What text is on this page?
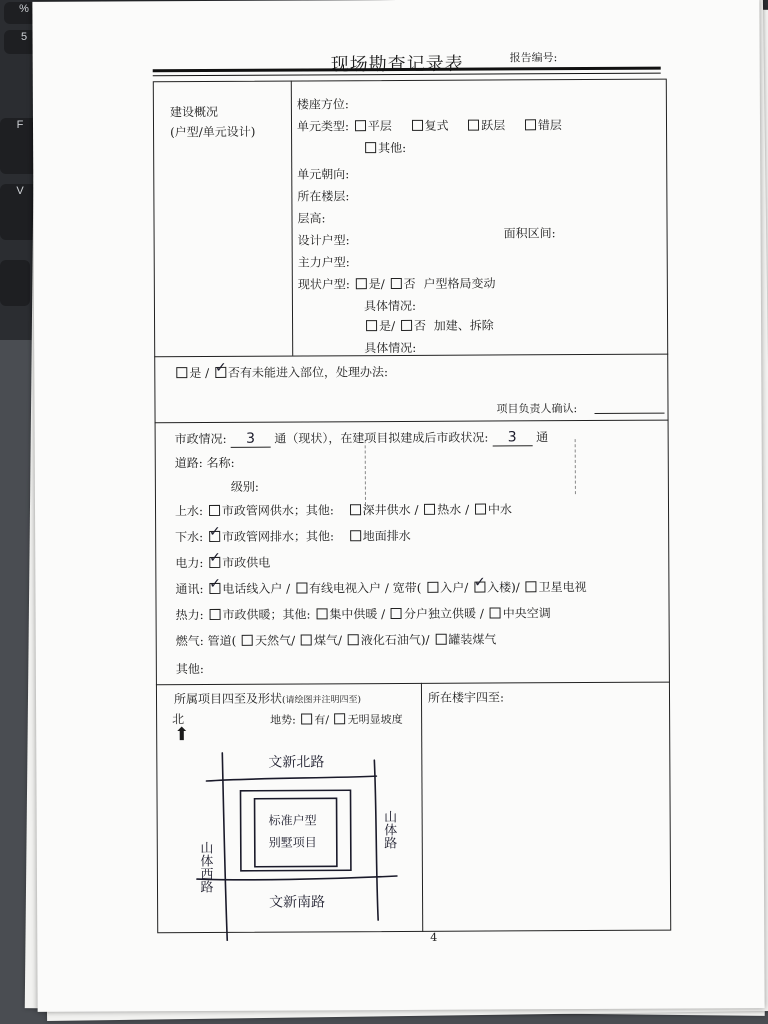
%
5
F
V

现场勘查记录表	报告编号:
建设概况
(户型/单元设计)
楼座方位:
单元类型: 平层	复式	跃层	错层
其他:
单元朝向:
所在楼层:
层高:
设计户型:	面积区间:
主力户型:
现状户型: 是/ 否 户型格局变动
具体情况:
是/ 否 加建、拆除
具体情况:
是 / ✓ 否有未能进入部位，处理办法:
项目负责人确认:
市政情况: 3 通（现状），在建项目拟建成后市政状况: 3 通
道路: 名称:
级别:
上水: 市政管网供水；其他: 深井供水 / 热水 / 中水
下水: ✓ 市政管网排水；其他: 地面排水
电力: ✓ 市政供电
通讯: ✓ 电话线入户 / 有线电视入户 / 宽带( 入户/ ✓ 入楼)/ 卫星电视
热力: 市政供暖；其他: 集中供暖 / 分户独立供暖 / 中央空调
燃气: 管道( 天然气/ 煤气/ 液化石油气)/ 罐装煤气
其他:
所属项目四至及形状(请绘图并注明四至)	所在楼宇四至:
北
⬆
地势: 有/ 无明显坡度
文新北路
文新南路
标准户型
别墅项目
山体西路
山体路
4
